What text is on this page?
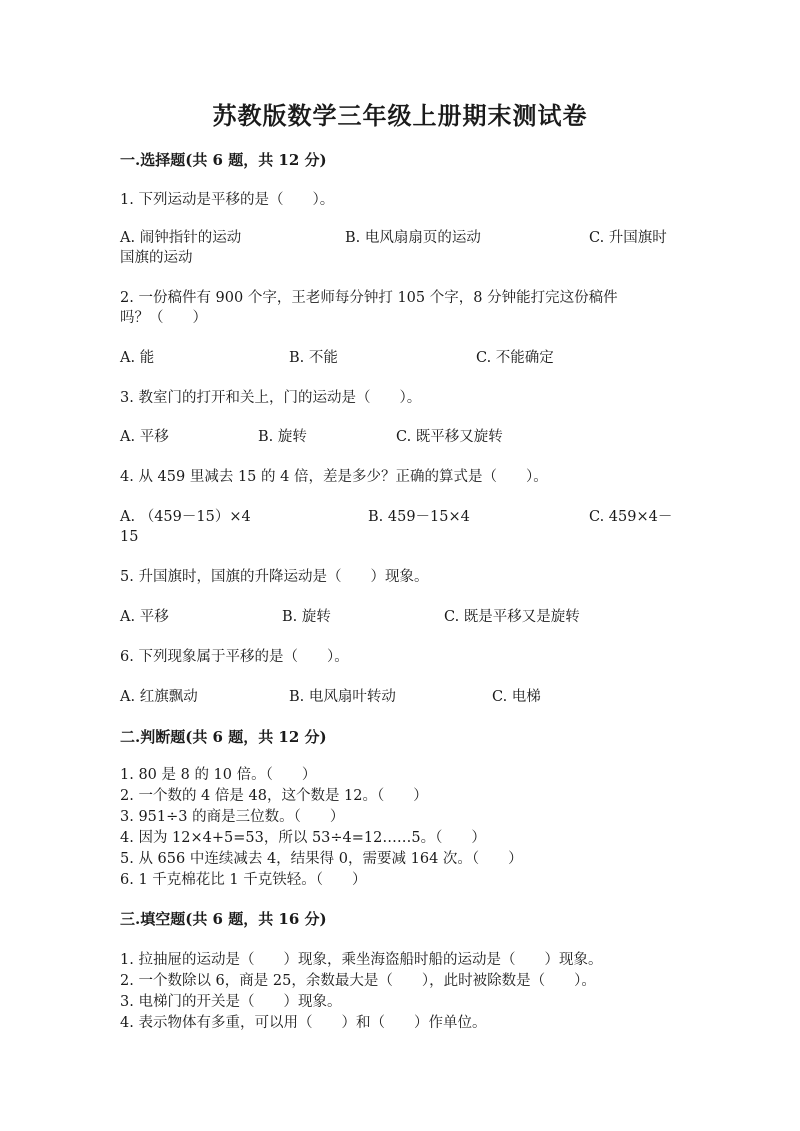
苏教版数学三年级上册期末测试卷
一.选择题(共 6 题，共 12 分)
1. 下列运动是平移的是（　　）。
A. 闹钟指针的运动	B. 电风扇扇页的运动	C. 升国旗时
国旗的运动
2. 一份稿件有 900 个字，王老师每分钟打 105 个字，8 分钟能打完这份稿件
吗？（　　）
A. 能	B. 不能	C. 不能确定
3. 教室门的打开和关上，门的运动是（　　）。
A. 平移	B. 旋转	C. 既平移又旋转
4. 从 459 里减去 15 的 4 倍，差是多少？正确的算式是（　　）。
A. （459－15）×4	B. 459－15×4	C. 459×4－
15
5. 升国旗时，国旗的升降运动是（　　）现象。
A. 平移	B. 旋转	C. 既是平移又是旋转
6. 下列现象属于平移的是（　　）。
A. 红旗飘动	B. 电风扇叶转动	C. 电梯
二.判断题(共 6 题，共 12 分)
1. 80 是 8 的 10 倍。（　　）
2. 一个数的 4 倍是 48，这个数是 12。（　　）
3. 951÷3 的商是三位数。（　　）
4. 因为 12×4+5=53，所以 53÷4=12……5。（　　）
5. 从 656 中连续减去 4，结果得 0，需要减 164 次。（　　）
6. 1 千克棉花比 1 千克铁轻。（　　）
三.填空题(共 6 题，共 16 分)
1. 拉抽屉的运动是（　　）现象，乘坐海盗船时船的运动是（　　）现象。
2. 一个数除以 6，商是 25，余数最大是（　　），此时被除数是（　　）。
3. 电梯门的开关是（　　）现象。
4. 表示物体有多重，可以用（　　）和（　　）作单位。
